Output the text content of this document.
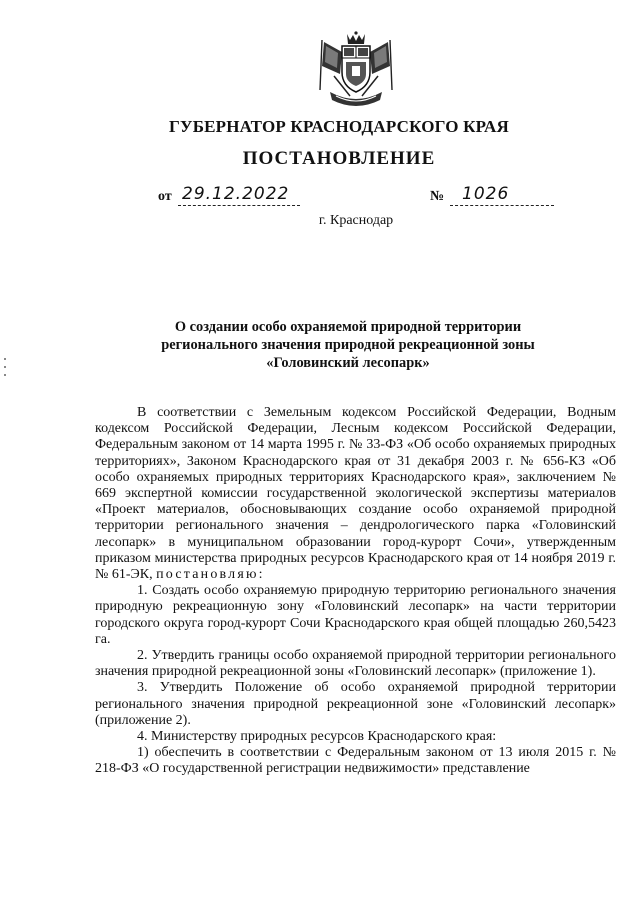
ГУБЕРНАТОР КРАСНОДАРСКОГО КРАЯ
ПОСТАНОВЛЕНИЕ
от 29.12.2022	№ 1026
г. Краснодар
О создании особо охраняемой природной территории
регионального значения природной рекреационной зоны
«Головинский лесопарк»

В соответствии с Земельным кодексом Российской Федерации, Водным кодексом Российской Федерации, Лесным кодексом Российской Федерации, Федеральным законом от 14 марта 1995 г. № 33-ФЗ «Об особо охраняемых природных территориях», Законом Краснодарского края от 31 декабря 2003 г. № 656-КЗ «Об особо охраняемых природных территориях Краснодарского края», заключением № 669 экспертной комиссии государственной экологической экспертизы материалов «Проект материалов, обосновывающих создание особо охраняемой природной территории регионального значения – дендрологического парка «Головинский лесопарк» в муниципальном образовании город-курорт Сочи», утвержденным приказом министерства природных ресурсов Краснодарского края от 14 ноября 2019 г. № 61-ЭК, постановляю:

1. Создать особо охраняемую природную территорию регионального значения природную рекреационную зону «Головинский лесопарк» на части территории городского округа город-курорт Сочи Краснодарского края общей площадью 260,5423 га.

2. Утвердить границы особо охраняемой природной территории регионального значения природной рекреационной зоны «Головинский лесопарк» (приложение 1).

3. Утвердить Положение об особо охраняемой природной территории регионального значения природной рекреационной зоне «Головинский лесопарк» (приложение 2).

4. Министерству природных ресурсов Краснодарского края:

1) обеспечить в соответствии с Федеральным законом от 13 июля 2015 г. № 218-ФЗ «О государственной регистрации недвижимости» представление
